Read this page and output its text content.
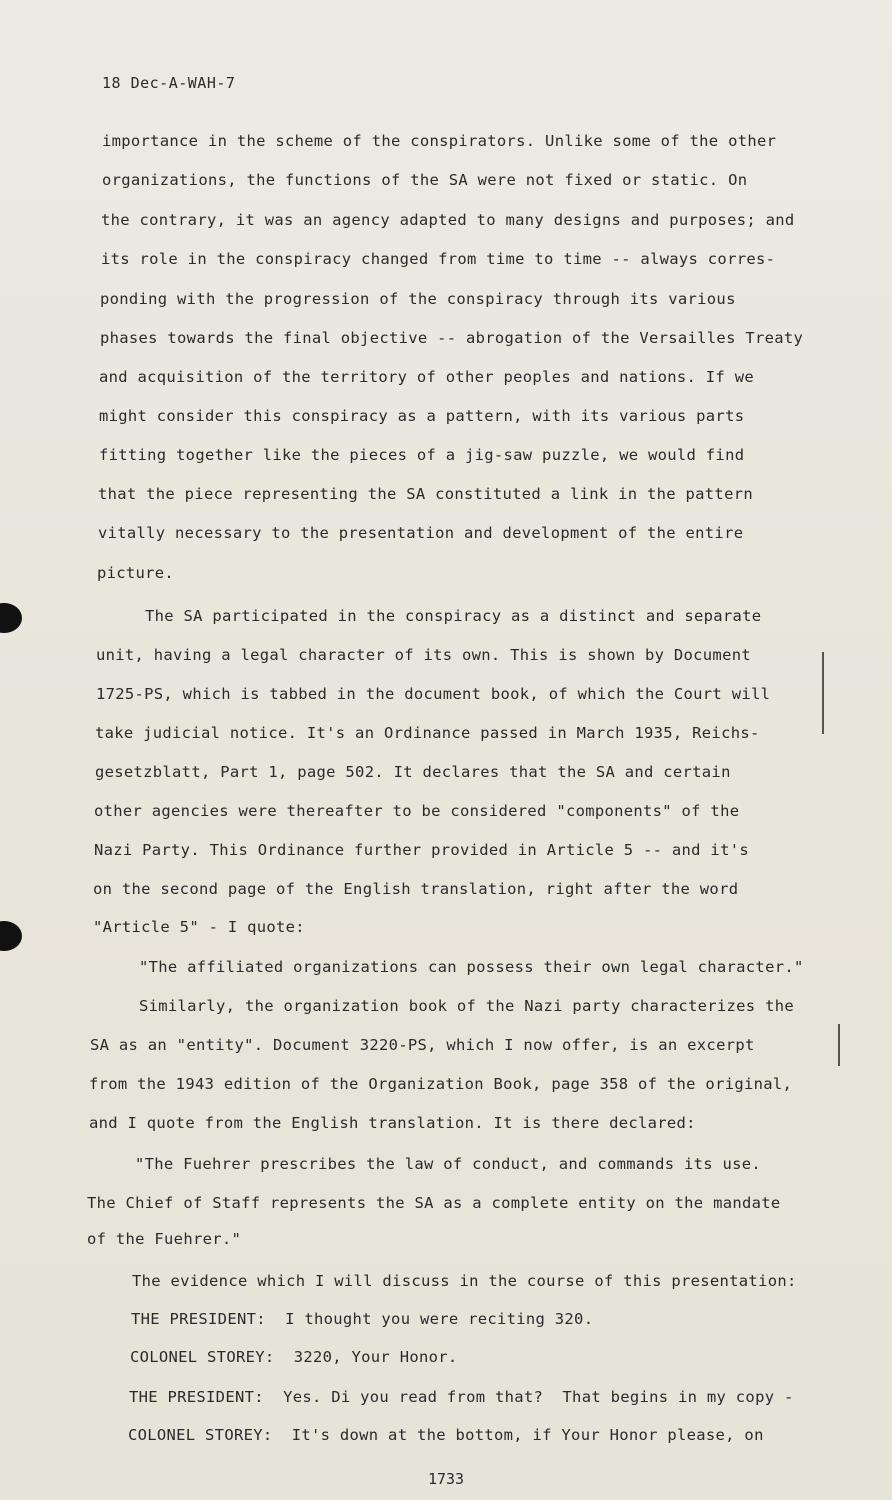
18 Dec-A-WAH-7
importance in the scheme of the conspirators. Unlike some of the other
organizations, the functions of the SA were not fixed or static. On
the contrary, it was an agency adapted to many designs and purposes; and
its role in the conspiracy changed from time to time -- always corres-
ponding with the progression of the conspiracy through its various
phases towards the final objective -- abrogation of the Versailles Treaty
and acquisition of the territory of other peoples and nations. If we
might consider this conspiracy as a pattern, with its various parts
fitting together like the pieces of a jig-saw puzzle, we would find
that the piece representing the SA constituted a link in the pattern
vitally necessary to the presentation and development of the entire
picture.
The SA participated in the conspiracy as a distinct and separate
unit, having a legal character of its own. This is shown by Document
1725-PS, which is tabbed in the document book, of which the Court will
take judicial notice. It's an Ordinance passed in March 1935, Reichs-
gesetzblatt, Part 1, page 502. It declares that the SA and certain
other agencies were thereafter to be considered "components" of the
Nazi Party. This Ordinance further provided in Article 5 -- and it's
on the second page of the English translation, right after the word
"Article 5" - I quote:
"The affiliated organizations can possess their own legal character."
Similarly, the organization book of the Nazi party characterizes the
SA as an "entity". Document 3220-PS, which I now offer, is an excerpt
from the 1943 edition of the Organization Book, page 358 of the original,
and I quote from the English translation. It is there declared:
"The Fuehrer prescribes the law of conduct, and commands its use.
The Chief of Staff represents the SA as a complete entity on the mandate
of the Fuehrer."
The evidence which I will discuss in the course of this presentation:
THE PRESIDENT:  I thought you were reciting 320.
COLONEL STOREY:  3220, Your Honor.
THE PRESIDENT:  Yes. Di you read from that?  That begins in my copy -
COLONEL STOREY:  It's down at the bottom, if Your Honor please, on
1733
